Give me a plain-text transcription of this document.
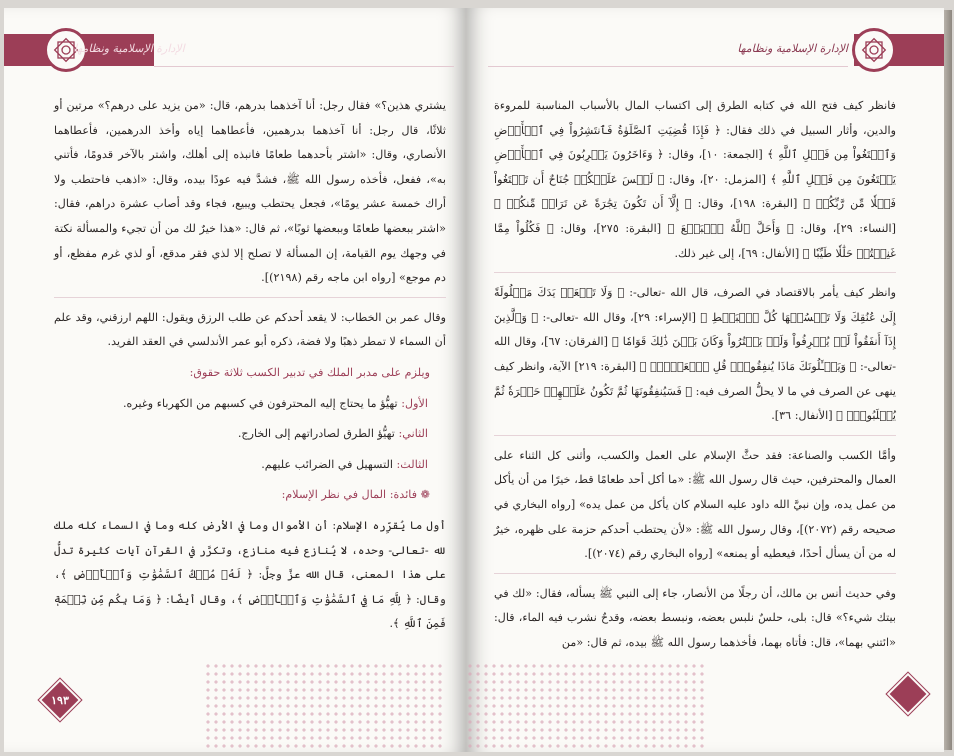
الإدارة الإسلامية ونظامها
يشتري هذين؟» فقال رجل: أنا آخذهما بدرهم، قال: «من يزيد على درهم؟» مرتين أو ثلاثًا، قال رجل: أنا آخذهما بدرهمين، فأعطاهما إياه وأخذ الدرهمين، فأعطاهما الأنصاري، وقال: «اشتر بأحدهما طعامًا فانبذه إلى أهلك، واشتر بالآخر قدومًا، فأتني به»، ففعل، فأخذه رسول الله ﷺ، فشدَّ فيه عودًا بيده، وقال: «اذهب فاحتطب ولا أراك خمسة عشر يومًا»، فجعل يحتطب ويبيع، فجاء وقد أصاب عشرة دراهم، فقال: «اشتر ببعضها طعامًا وببعضها ثوبًا»، ثم قال: «هذا خيرٌ لك من أن تجيء والمسألة نكتة في وجهك يوم القيامة، إن المسألة لا تصلح إلا لذي فقر مدقع، أو لذي غرم مفظع، أو دم موجع» [رواه ابن ماجه رقم (٢١٩٨)].
وقال عمر بن الخطاب: لا يقعد أحدكم عن طلب الرزق ويقول: اللهم ارزقني، وقد علم أن السماء لا تمطر ذهبًا ولا فضة، ذكره أبو عمر الأندلسي في العقد الفريد.
ويلزم على مدبر الملك في تدبير الكسب ثلاثة حقوق:
الأول: تهيُّؤ ما يحتاج إليه المحترفون في كسبهم من الكهرباء وغيره.
الثاني: تهيُّؤ الطرق لصادراتهم إلى الخارج.
الثالث: التسهيل في الضرائب عليهم.
❁ فائدة: المال في نظر الإسلام:
أول ما يُقرِّره الإسلام: أن الأموال وما في الأرض كله وما في السماء كله ملك لله -تعالى- وحده، لا يُنازع فيه منازع، وتكرَّر في القرآن آيات كثيرة تدلُّ على هذا المعنى، قال الله عزَّ وجلَّ: ﴿ لَهُۥ مُلۡكُ ٱلسَّمَٰوَٰتِ وَٱلۡأَرۡضِ ﴾، وقال: ﴿ لِلَّهِ مَا فِي ٱلسَّمَٰوَٰتِ وَٱلۡأَرۡضِ ﴾، وقال أيضًا: ﴿ وَمَا بِكُم مِّن نِّعۡمَةٖ فَمِنَ ٱللَّهِ ﴾.
١٩٣
الإدارة الإسلامية ونظامها
فانظر كيف فتح الله في كتابه الطرق إلى اكتساب المال بالأسباب المناسبة للمروءة والدين، وأثار السبيل في ذلك فقال: ﴿ فَإِذَا قُضِيَتِ ٱلصَّلَوٰةُ فَٱنتَشِرُواْ فِي ٱلۡأَرۡضِ وَٱبۡتَغُواْ مِن فَضۡلِ ٱللَّهِ ﴾ [الجمعة: ١٠]، وقال: ﴿ وَءَاخَرُونَ يَضۡرِبُونَ فِي ٱلۡأَرۡضِ يَبۡتَغُونَ مِن فَضۡلِ ٱللَّهِ ﴾ [المزمل: ٢٠]، وقال: ﴿ لَيۡسَ عَلَيۡكُمۡ جُنَاحٌ أَن تَبۡتَغُواْ فَضۡلٗا مِّن رَّبِّكُمۡ ﴾ [البقرة: ١٩٨]، وقال: ﴿ إِلَّآ أَن تَكُونَ تِجَٰرَةً عَن تَرَاضٖ مِّنكُمۡ ﴾ [النساء: ٢٩]، وقال: ﴿ وَأَحَلَّ ٱللَّهُ ٱلۡبَيۡعَ ﴾ [البقرة: ٢٧٥]، وقال: ﴿ فَكُلُواْ مِمَّا غَنِمۡتُمۡ حَلَٰلٗا طَيِّبٗا ﴾ [الأنفال: ٦٩]، إلى غير ذلك.
وانظر كيف يأمر بالاقتصاد في الصرف، قال الله -تعالى-: ﴿ وَلَا تَجۡعَلۡ يَدَكَ مَغۡلُولَةً إِلَىٰ عُنُقِكَ وَلَا تَبۡسُطۡهَا كُلَّ ٱلۡبَسۡطِ ﴾ [الإسراء: ٢٩]، وقال الله -تعالى-: ﴿ وَٱلَّذِينَ إِذَآ أَنفَقُواْ لَمۡ يُسۡرِفُواْ وَلَمۡ يَقۡتُرُواْ وَكَانَ بَيۡنَ ذَٰلِكَ قَوَامٗا ﴾ [الفرقان: ٦٧]، وقال الله -تعالى-: ﴿ وَيَسۡـَٔلُونَكَ مَاذَا يُنفِقُونَۖ قُلِ ٱلۡعَفۡوَۗ ﴾ [البقرة: ٢١٩] الآية، وانظر كيف ينهى عن الصرف في ما لا يحلُّ الصرف فيه: ﴿ فَسَيُنفِقُونَهَا ثُمَّ تَكُونُ عَلَيۡهِمۡ حَسۡرَةٗ ثُمَّ يُغۡلَبُونَۗ ﴾ [الأنفال: ٣٦].
وأمَّا الكسب والصناعة: فقد حثَّ الإسلام على العمل والكسب، وأثنى كل الثناء على العمال والمحترفين، حيث قال رسول الله ﷺ: «ما أكل أحد طعامًا قط، خيرًا من أن يأكل من عمل يده، وإن نبيَّ الله داود عليه السلام كان يأكل من عمل يده» [رواه البخاري في صحيحه رقم (٢٠٧٢)]، وقال رسول الله ﷺ: «لأن يحتطب أحدكم حزمة على ظهره، خيرٌ له من أن يسأل أحدًا، فيعطيه أو يمنعه» [رواه البخاري رقم (٢٠٧٤)].
وفي حديث أنس بن مالك، أن رجلًا من الأنصار، جاء إلى النبي ﷺ يسأله، فقال: «لك في بيتك شيء؟» قال: بلى، حلسٌ نلبس بعضه، ونبسط بعضه، وقدحٌ نشرب فيه الماء، قال: «ائتني بهما»، قال: فأتاه بهما، فأخذهما رسول الله ﷺ بيده، ثم قال: «من
